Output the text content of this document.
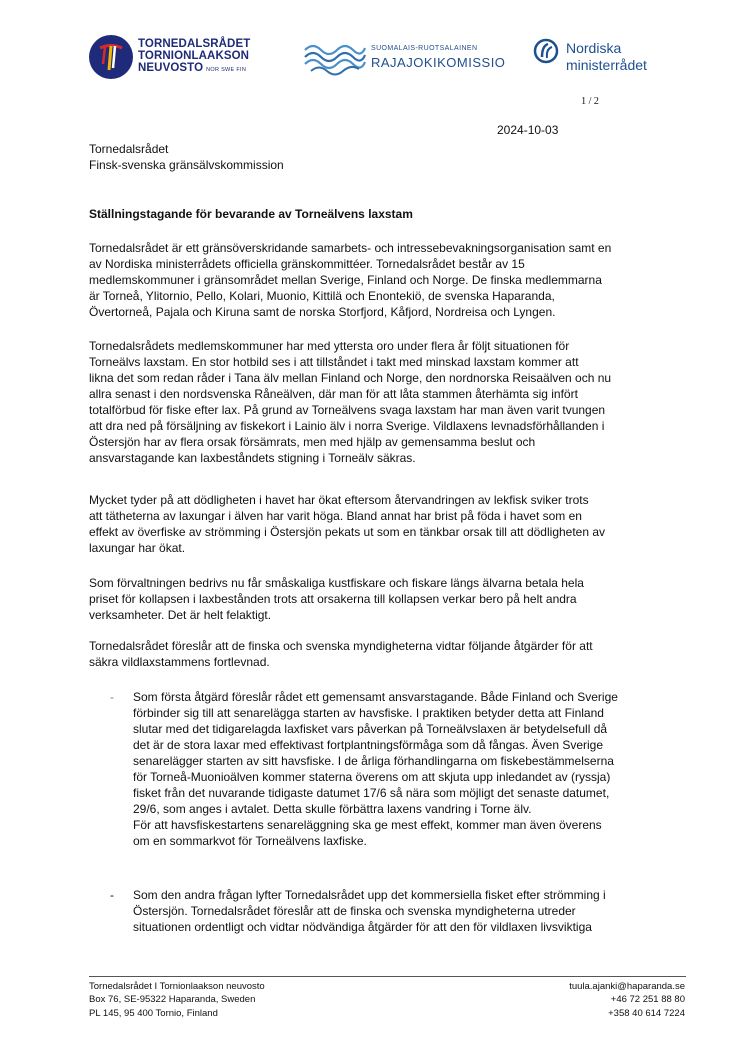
TORNEDALSRÅDET
TORNIONLAAKSON
NEUVOSTO NOR SWE FIN
SUOMALAIS-RUOTSALAINEN
RAJAJOKIKOMISSIO
Nordiska
ministerrådet
1 / 2
2024-10-03
Tornedalsrådet
Finsk-svenska gränsälvskommission
Ställningstagande för bevarande av Torneälvens laxstam
Tornedalsrådet är ett gränsöverskridande samarbets- och intressebevakningsorganisation samt en
av Nordiska ministerrådets officiella gränskommittéer. Tornedalsrådet består av 15
medlemskommuner i gränsområdet mellan Sverige, Finland och Norge. De finska medlemmarna
är Torneå, Ylitornio, Pello, Kolari, Muonio, Kittilä och Enontekiö, de svenska Haparanda,
Övertorneå, Pajala och Kiruna samt de norska Storfjord, Kåfjord, Nordreisa och Lyngen.
Tornedalsrådets medlemskommuner har med yttersta oro under flera år följt situationen för
Torneälvs laxstam. En stor hotbild ses i att tillståndet i takt med minskad laxstam kommer att
likna det som redan råder i Tana älv mellan Finland och Norge, den nordnorska Reisaälven och nu
allra senast i den nordsvenska Råneälven, där man för att låta stammen återhämta sig infört
totalförbud för fiske efter lax. På grund av Torneälvens svaga laxstam har man även varit tvungen
att dra ned på försäljning av fiskekort i Lainio älv i norra Sverige. Vildlaxens levnadsförhållanden i
Östersjön har av flera orsak försämrats, men med hjälp av gemensamma beslut och
ansvarstagande kan laxbeståndets stigning i Torneälv säkras.
Mycket tyder på att dödligheten i havet har ökat eftersom återvandringen av lekfisk sviker trots
att tätheterna av laxungar i älven har varit höga. Bland annat har brist på föda i havet som en
effekt av överfiske av strömming i Östersjön pekats ut som en tänkbar orsak till att dödligheten av
laxungar har ökat.
Som förvaltningen bedrivs nu får småskaliga kustfiskare och fiskare längs älvarna betala hela
priset för kollapsen i laxbestånden trots att orsakerna till kollapsen verkar bero på helt andra
verksamheter. Det är helt felaktigt.
Tornedalsrådet föreslår att de finska och svenska myndigheterna vidtar följande åtgärder för att
säkra vildlaxstammens fortlevnad.
- Som första åtgärd föreslår rådet ett gemensamt ansvarstagande. Både Finland och Sverige
förbinder sig till att senarelägga starten av havsfiske. I praktiken betyder detta att Finland
slutar med det tidigarelagda laxfisket vars påverkan på Torneälvslaxen är betydelsefull då
det är de stora laxar med effektivast fortplantningsförmåga som då fångas. Även Sverige
senarelägger starten av sitt havsfiske. I de årliga förhandlingarna om fiskebestämmelserna
för Torneå-Muonioälven kommer staterna överens om att skjuta upp inledandet av (ryssja)
fisket från det nuvarande tidigaste datumet 17/6 så nära som möjligt det senaste datumet,
29/6, som anges i avtalet. Detta skulle förbättra laxens vandring i Torne älv.
För att havsfiskestartens senareläggning ska ge mest effekt, kommer man även överens
om en sommarkvot för Torneälvens laxfiske.
- Som den andra frågan lyfter Tornedalsrådet upp det kommersiella fisket efter strömming i
Östersjön. Tornedalsrådet föreslår att de finska och svenska myndigheterna utreder
situationen ordentligt och vidtar nödvändiga åtgärder för att den för vildlaxen livsviktiga
Tornedalsrådet I Tornionlaakson neuvosto
Box 76, SE-95322 Haparanda, Sweden
PL 145, 95 400 Tornio, Finland
tuula.ajanki@haparanda.se
+46 72 251 88 80
+358 40 614 7224
